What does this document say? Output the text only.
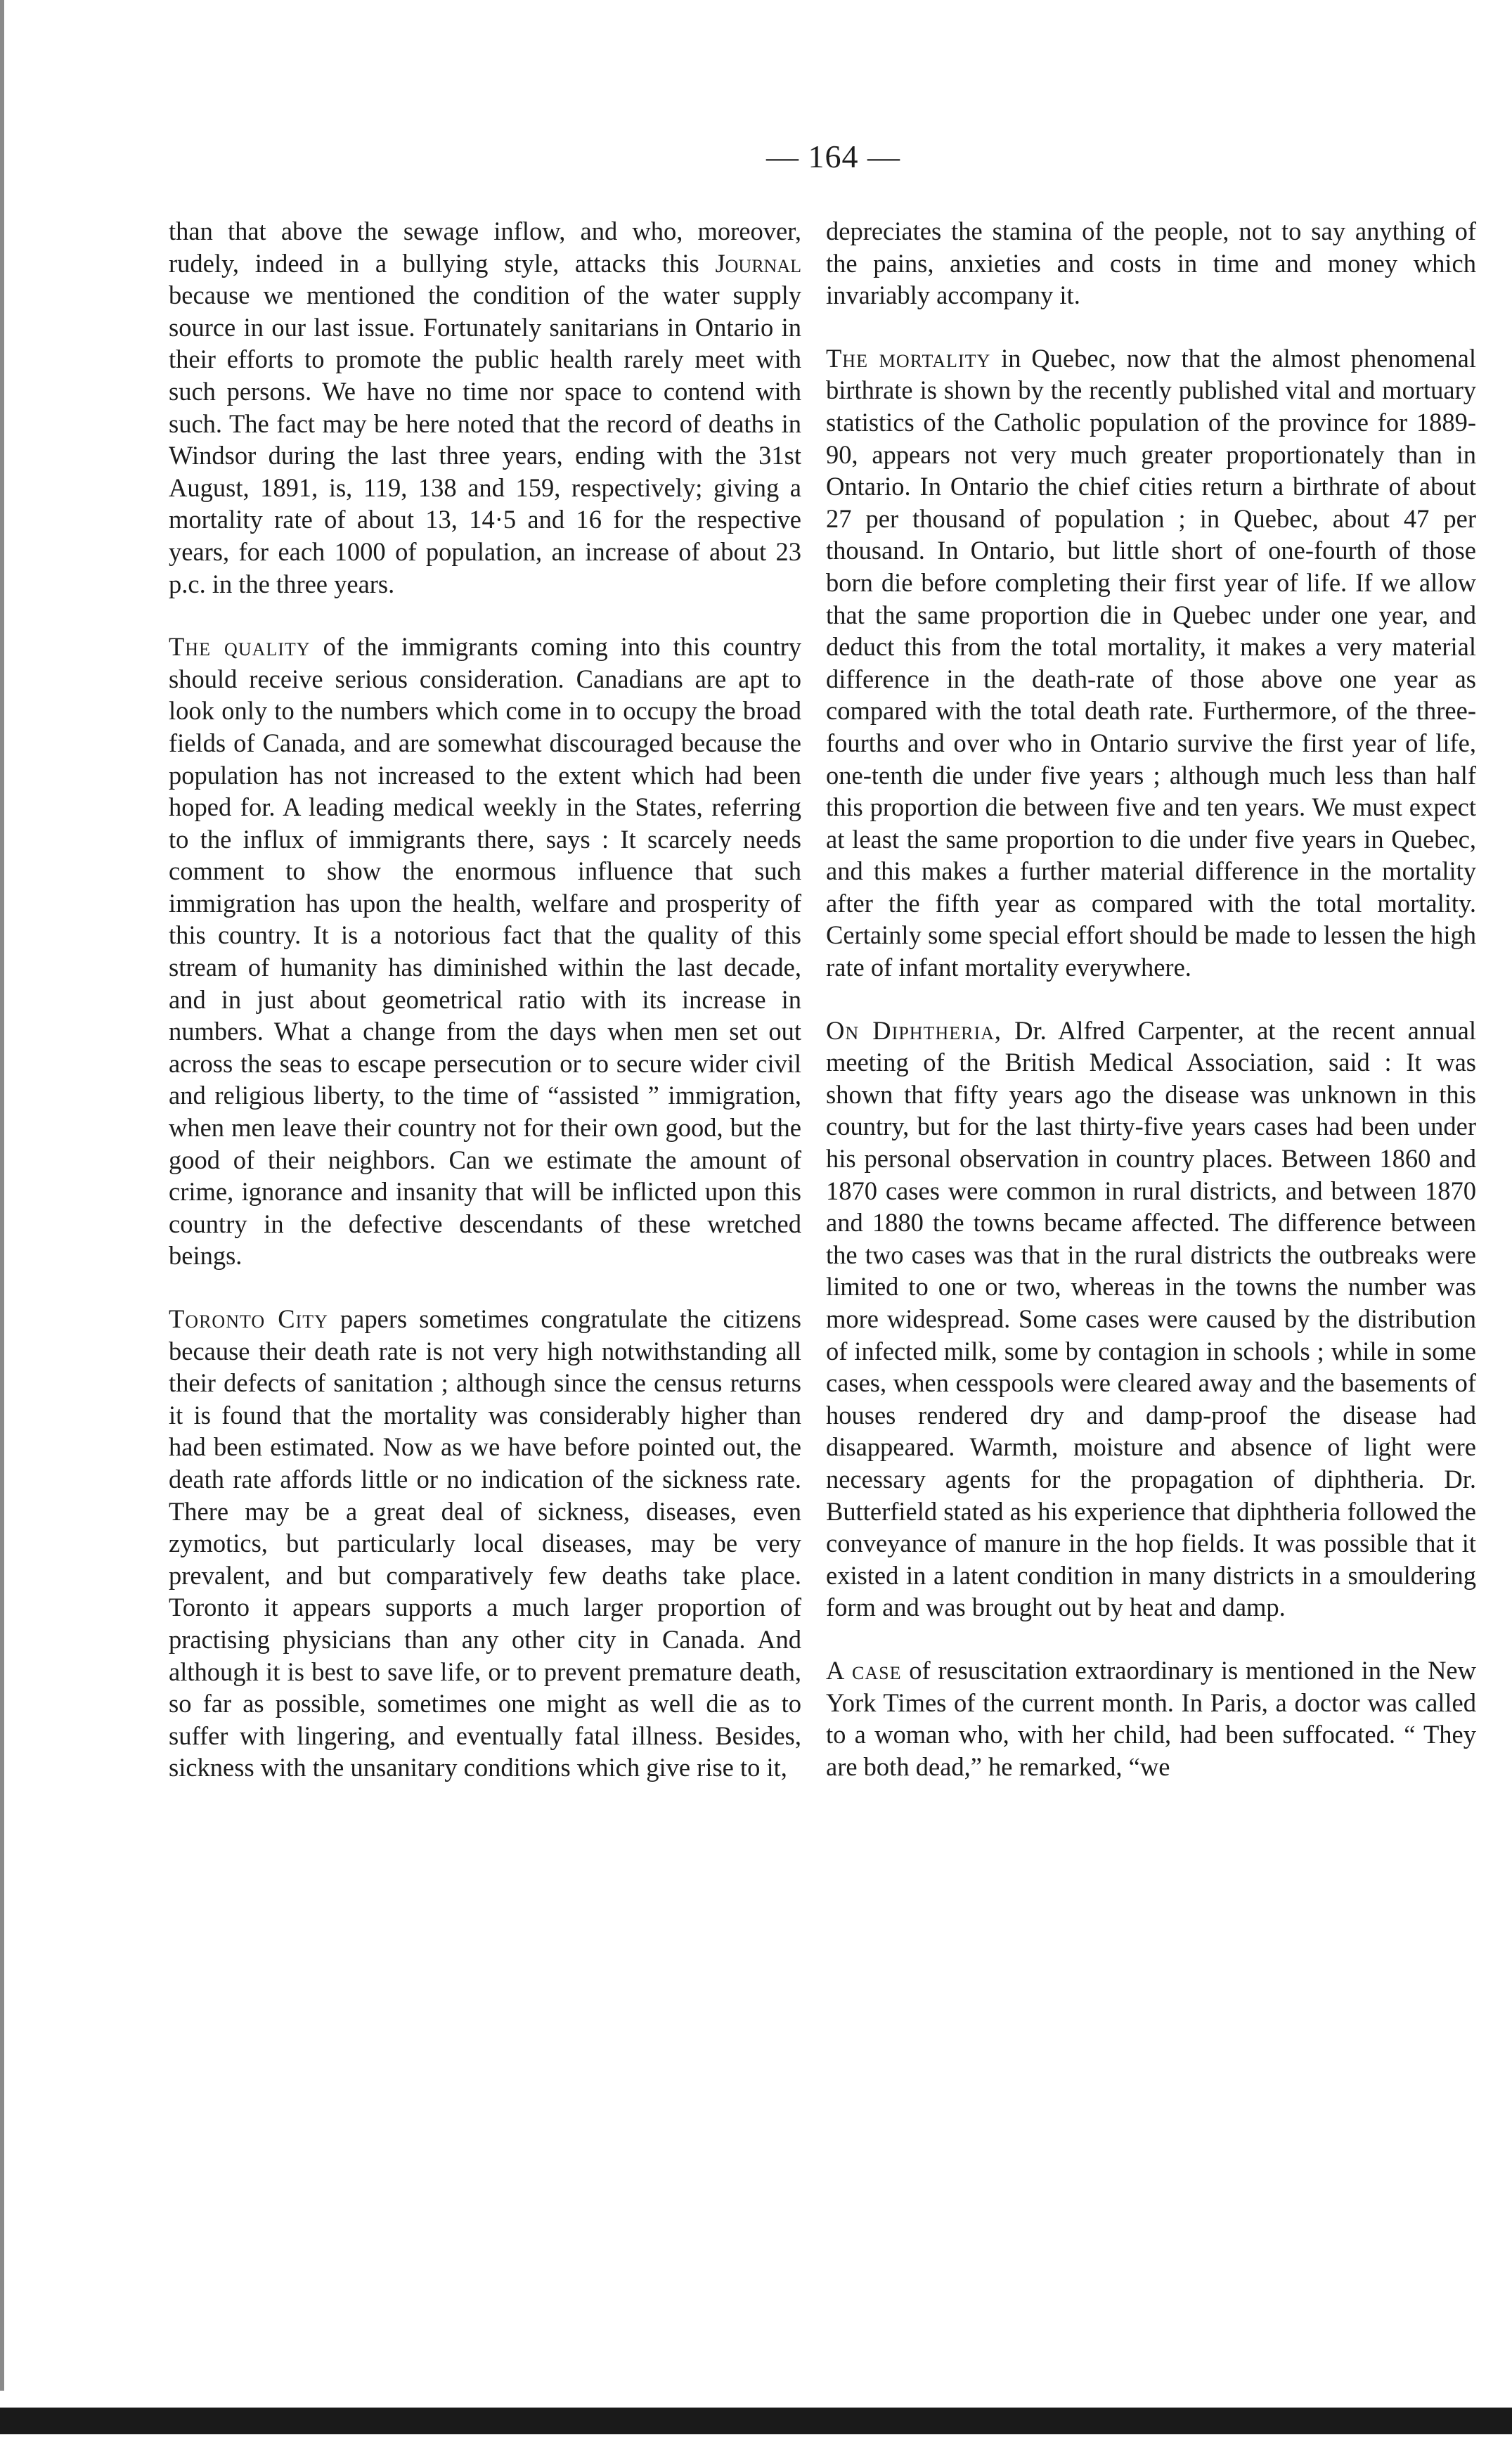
— 164 —

than that above the sewage inflow, and who, moreover, rudely, indeed in a bullying style, attacks this Journal because we mentioned the condition of the water supply source in our last issue. Fortunately sanitarians in Ontario in their efforts to promote the public health rarely meet with such persons. We have no time nor space to contend with such. The fact may be here noted that the record of deaths in Windsor during the last three years, ending with the 31st August, 1891, is, 119, 138 and 159, respectively; giving a mortality rate of about 13, 14·5 and 16 for the respective years, for each 1000 of population, an increase of about 23 p.c. in the three years.

The quality of the immigrants coming into this country should receive serious consideration. Canadians are apt to look only to the numbers which come in to occupy the broad fields of Canada, and are somewhat discouraged because the population has not increased to the extent which had been hoped for. A leading medical weekly in the States, referring to the influx of immigrants there, says : It scarcely needs comment to show the enormous influence that such immigration has upon the health, welfare and prosperity of this country. It is a notorious fact that the quality of this stream of humanity has diminished within the last decade, and in just about geometrical ratio with its increase in numbers. What a change from the days when men set out across the seas to escape persecution or to secure wider civil and religious liberty, to the time of “assisted ” immigration, when men leave their country not for their own good, but the good of their neighbors. Can we estimate the amount of crime, ignorance and insanity that will be inflicted upon this country in the defective descendants of these wretched beings.

Toronto City papers sometimes congratulate the citizens because their death rate is not very high notwithstanding all their defects of sanitation ; although since the census returns it is found that the mortality was considerably higher than had been estimated. Now as we have before pointed out, the death rate affords little or no indication of the sickness rate. There may be a great deal of sickness, diseases, even zymotics, but particularly local diseases, may be very prevalent, and but comparatively few deaths take place. Toronto it appears supports a much larger proportion of practising physicians than any other city in Canada. And although it is best to save life, or to prevent premature death, so far as possible, sometimes one might as well die as to suffer with lingering, and eventually fatal illness. Besides, sickness with the unsanitary conditions which give rise to it,

depreciates the stamina of the people, not to say anything of the pains, anxieties and costs in time and money which invariably accompany it.

The mortality in Quebec, now that the almost phenomenal birthrate is shown by the recently published vital and mortuary statistics of the Catholic population of the province for 1889-90, appears not very much greater proportionately than in Ontario. In Ontario the chief cities return a birthrate of about 27 per thousand of population ; in Quebec, about 47 per thousand. In Ontario, but little short of one-fourth of those born die before completing their first year of life. If we allow that the same proportion die in Quebec under one year, and deduct this from the total mortality, it makes a very material difference in the death-rate of those above one year as compared with the total death rate. Furthermore, of the three-fourths and over who in Ontario survive the first year of life, one-tenth die under five years ; although much less than half this proportion die between five and ten years. We must expect at least the same proportion to die under five years in Quebec, and this makes a further material difference in the mortality after the fifth year as compared with the total mortality. Certainly some special effort should be made to lessen the high rate of infant mortality everywhere.

On Diphtheria, Dr. Alfred Carpenter, at the recent annual meeting of the British Medical Association, said : It was shown that fifty years ago the disease was unknown in this country, but for the last thirty-five years cases had been under his personal observation in country places. Between 1860 and 1870 cases were common in rural districts, and between 1870 and 1880 the towns became affected. The difference between the two cases was that in the rural districts the outbreaks were limited to one or two, whereas in the towns the number was more widespread. Some cases were caused by the distribution of infected milk, some by contagion in schools ; while in some cases, when cesspools were cleared away and the basements of houses rendered dry and damp-proof the disease had disappeared. Warmth, moisture and absence of light were necessary agents for the propagation of diphtheria. Dr. Butterfield stated as his experience that diphtheria followed the conveyance of manure in the hop fields. It was possible that it existed in a latent condition in many districts in a smouldering form and was brought out by heat and damp.

A case of resuscitation extraordinary is mentioned in the New York Times of the current month. In Paris, a doctor was called to a woman who, with her child, had been suffocated. “ They are both dead,” he remarked, “we
